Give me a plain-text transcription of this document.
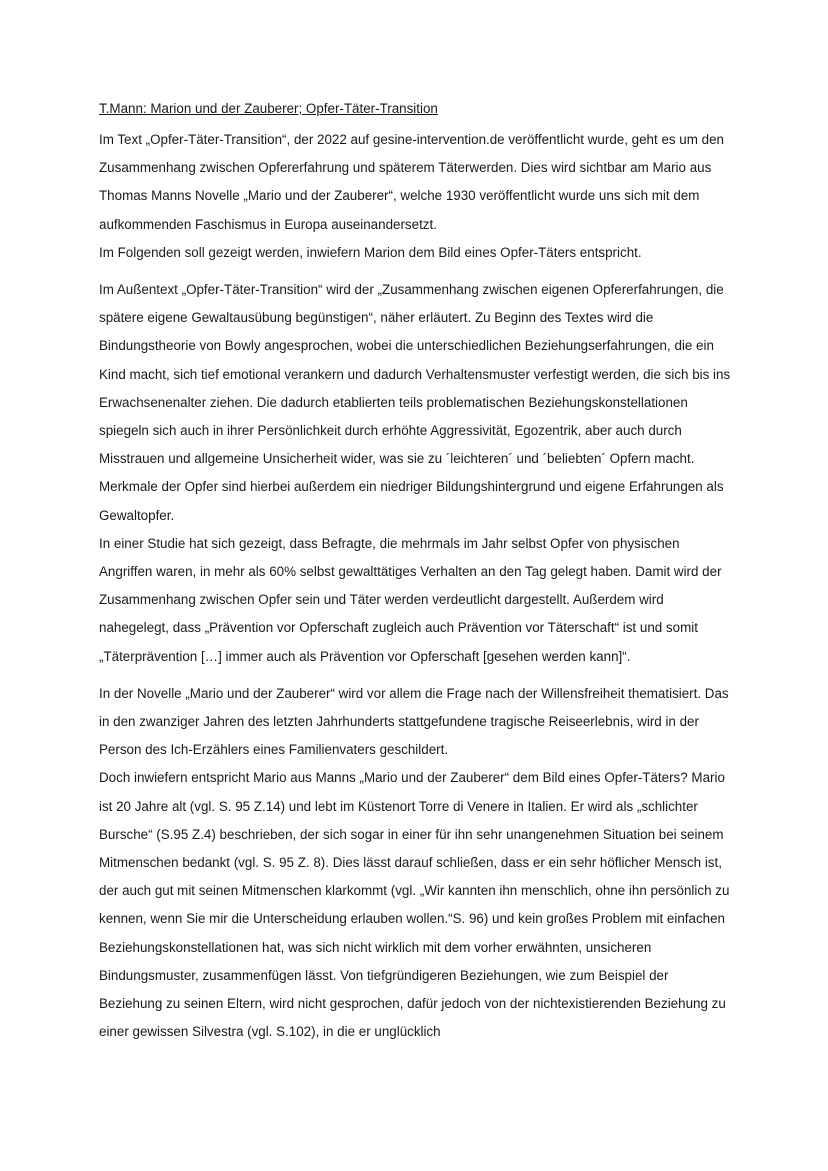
T.Mann: Marion und der Zauberer; Opfer-Täter-Transition

Im Text „Opfer-Täter-Transition“, der 2022 auf gesine-intervention.de veröffentlicht wurde, geht es um den Zusammenhang zwischen Opfererfahrung und späterem Täterwerden. Dies wird sichtbar am Mario aus Thomas Manns Novelle „Mario und der Zauberer“, welche 1930 veröffentlicht wurde uns sich mit dem aufkommenden Faschismus in Europa auseinandersetzt.

Im Folgenden soll gezeigt werden, inwiefern Marion dem Bild eines Opfer-Täters entspricht.

Im Außentext „Opfer-Täter-Transition“ wird der „Zusammenhang zwischen eigenen Opfererfahrungen, die spätere eigene Gewaltausübung begünstigen“, näher erläutert. Zu Beginn des Textes wird die Bindungstheorie von Bowly angesprochen, wobei die unterschiedlichen Beziehungserfahrungen, die ein Kind macht, sich tief emotional verankern und dadurch Verhaltensmuster verfestigt werden, die sich bis ins Erwachsenenalter ziehen. Die dadurch etablierten teils problematischen Beziehungskonstellationen spiegeln sich auch in ihrer Persönlichkeit durch erhöhte Aggressivität, Egozentrik, aber auch durch Misstrauen und allgemeine Unsicherheit wider, was sie zu ´leichteren´ und ´beliebten´ Opfern macht.

Merkmale der Opfer sind hierbei außerdem ein niedriger Bildungshintergrund und eigene Erfahrungen als Gewaltopfer.

In einer Studie hat sich gezeigt, dass Befragte, die mehrmals im Jahr selbst Opfer von physischen Angriffen waren, in mehr als 60% selbst gewalttätiges Verhalten an den Tag gelegt haben. Damit wird der Zusammenhang zwischen Opfer sein und Täter werden verdeutlicht dargestellt. Außerdem wird nahegelegt, dass „Prävention vor Opferschaft zugleich auch Prävention vor Täterschaft“ ist und somit „Täterprävention […] immer auch als Prävention vor Opferschaft [gesehen werden kann]“.

In der Novelle „Mario und der Zauberer“ wird vor allem die Frage nach der Willensfreiheit thematisiert. Das in den zwanziger Jahren des letzten Jahrhunderts stattgefundene tragische Reiseerlebnis, wird in der Person des Ich-Erzählers eines Familienvaters geschildert.

Doch inwiefern entspricht Mario aus Manns „Mario und der Zauberer“ dem Bild eines Opfer-Täters? Mario ist 20 Jahre alt (vgl. S. 95 Z.14) und lebt im Küstenort Torre di Venere in Italien. Er wird als „schlichter Bursche“ (S.95 Z.4) beschrieben, der sich sogar in einer für ihn sehr unangenehmen Situation bei seinem Mitmenschen bedankt (vgl. S. 95 Z. 8). Dies lässt darauf schließen, dass er ein sehr höflicher Mensch ist, der auch gut mit seinen Mitmenschen klarkommt (vgl. „Wir kannten ihn menschlich, ohne ihn persönlich zu kennen, wenn Sie mir die Unterscheidung erlauben wollen.“S. 96) und kein großes Problem mit einfachen Beziehungskonstellationen hat, was sich nicht wirklich mit dem vorher erwähnten, unsicheren Bindungsmuster, zusammenfügen lässt. Von tiefgründigeren Beziehungen, wie zum Beispiel der Beziehung zu seinen Eltern, wird nicht gesprochen, dafür jedoch von der nichtexistierenden Beziehung zu einer gewissen Silvestra (vgl. S.102), in die er unglücklich
